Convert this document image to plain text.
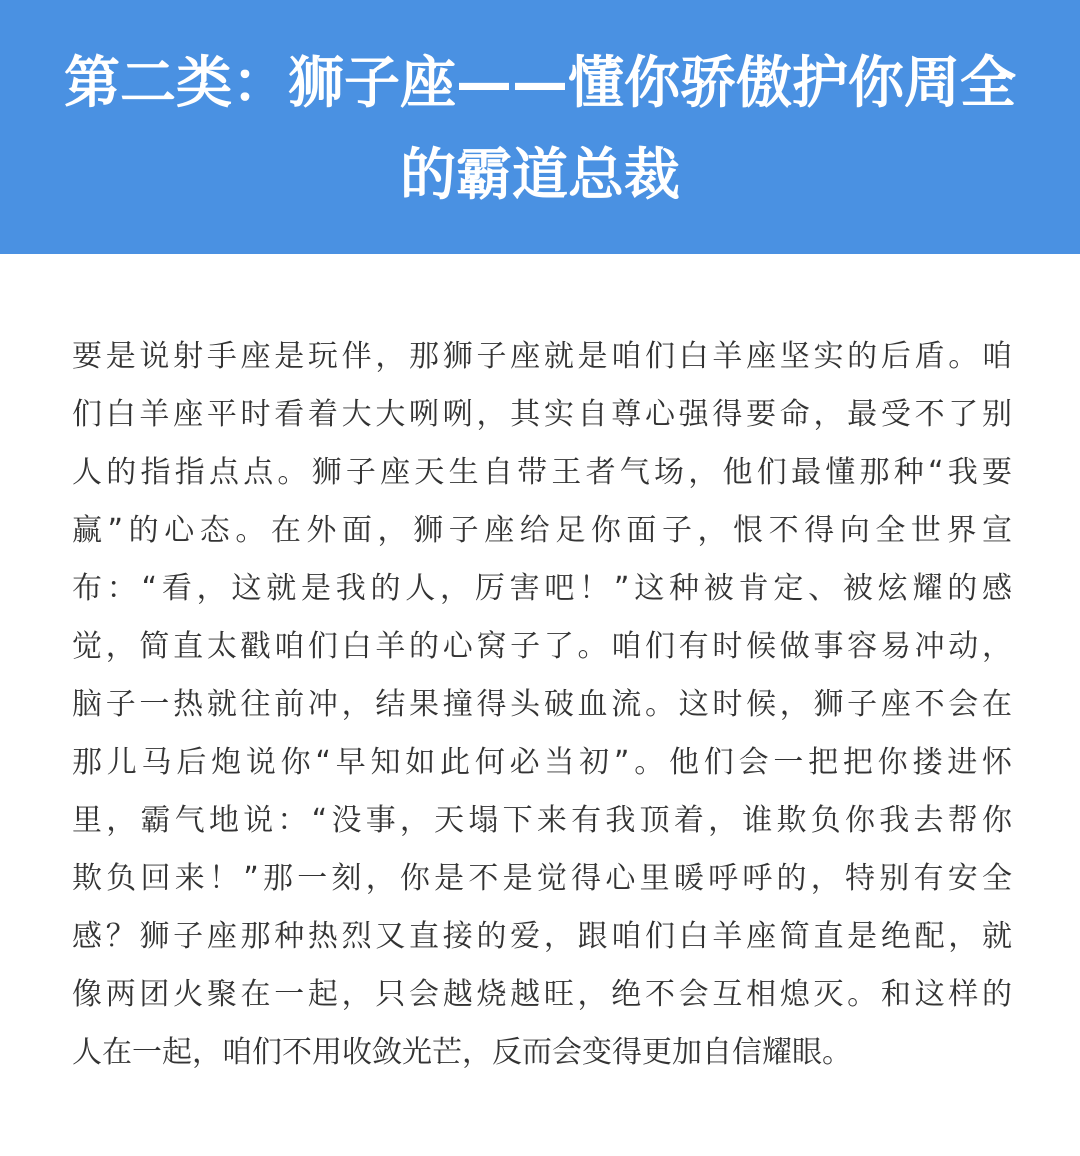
第二类：狮子座——懂你骄傲护你周全
的霸道总裁
要是说射手座是玩伴，那狮子座就是咱们白羊座坚实的后盾。咱
们白羊座平时看着大大咧咧，其实自尊心强得要命，最受不了别
人的指指点点。狮子座天生自带王者气场，他们最懂那种“我要
赢”的心态。在外面，狮子座给足你面子，恨不得向全世界宣
布：“看，这就是我的人，厉害吧！”这种被肯定、被炫耀的感
觉，简直太戳咱们白羊的心窝子了。咱们有时候做事容易冲动，
脑子一热就往前冲，结果撞得头破血流。这时候，狮子座不会在
那儿马后炮说你“早知如此何必当初”。他们会一把把你搂进怀
里，霸气地说：“没事，天塌下来有我顶着，谁欺负你我去帮你
欺负回来！”那一刻，你是不是觉得心里暖呼呼的，特别有安全
感？狮子座那种热烈又直接的爱，跟咱们白羊座简直是绝配，就
像两团火聚在一起，只会越烧越旺，绝不会互相熄灭。和这样的
人在一起，咱们不用收敛光芒，反而会变得更加自信耀眼。
